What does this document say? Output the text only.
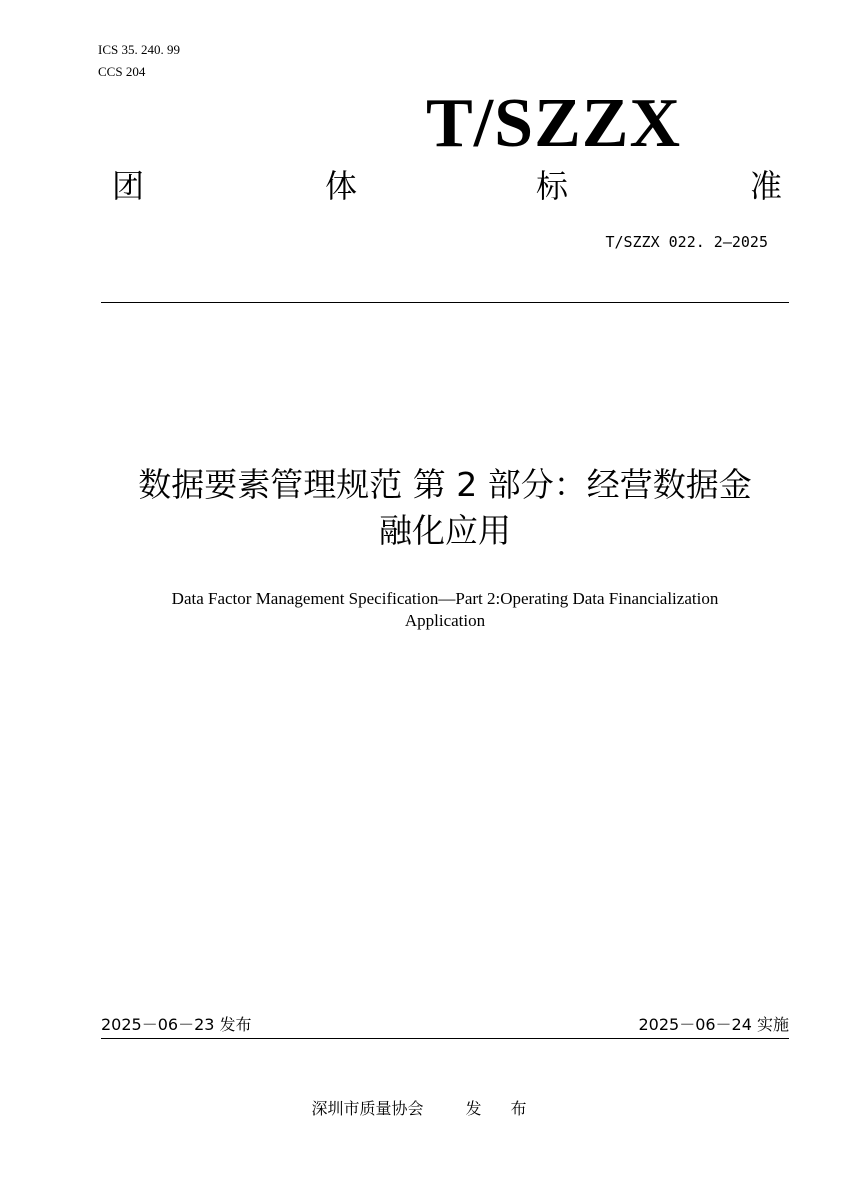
ICS 35. 240. 99
CCS 204
T/SZZX
团	体	标	准
T/SZZX 022. 2—2025
数据要素管理规范 第 2 部分：经营数据金
融化应用
Data Factor Management Specification—Part 2:Operating Data Financialization
Application
2025－06－23 发布	2025－06－24 实施
深圳市质量协会	发 布
